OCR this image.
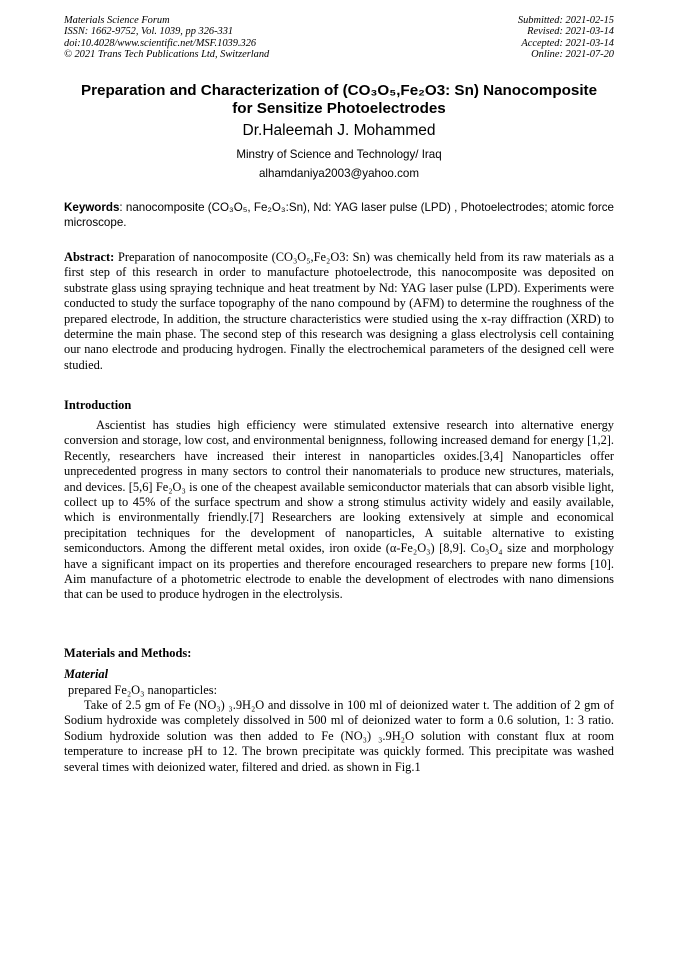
Materials Science Forum
ISSN: 1662-9752, Vol. 1039, pp 326-331
doi:10.4028/www.scientific.net/MSF.1039.326
© 2021 Trans Tech Publications Ltd, Switzerland
Submitted: 2021-02-15
Revised: 2021-03-14
Accepted: 2021-03-14
Online: 2021-07-20
Preparation and Characterization of (CO₃O₅,Fe₂O3: Sn) Nanocomposite
for Sensitize Photoelectrodes
Dr.Haleemah J. Mohammed
Minstry of Science and Technology/ Iraq
alhamdaniya2003@yahoo.com
Keywords: nanocomposite (CO₃O₅, Fe₂O₃:Sn), Nd: YAG laser pulse (LPD) , Photoelectrodes; atomic force microscope.
Abstract: Preparation of nanocomposite (CO₃O₅,Fe₂O3: Sn) was chemically held from its raw materials as a first step of this research in order to manufacture photoelectrode, this nanocomposite was deposited on substrate glass using spraying technique and heat treatment by Nd: YAG laser pulse (LPD). Experiments were conducted to study the surface topography of the nano compound by (AFM) to determine the roughness of the prepared electrode, In addition, the structure characteristics were studied using the x-ray diffraction (XRD) to determine the main phase. The second step of this research was designing a glass electrolysis cell containing our nano electrode and producing hydrogen. Finally the electrochemical parameters of the designed cell were studied.
Introduction
Ascientist has studies high efficiency were stimulated extensive research into alternative energy conversion and storage, low cost, and environmental benignness, following increased demand for energy [1,2]. Recently, researchers have increased their interest in nanoparticles oxides.[3,4] Nanoparticles offer unprecedented progress in many sectors to control their nanomaterials to produce new structures, materials, and devices. [5,6] Fe₂O₃ is one of the cheapest available semiconductor materials that can absorb visible light, collect up to 45% of the surface spectrum and show a strong stimulus activity widely and easily available, which is environmentally friendly.[7] Researchers are looking extensively at simple and economical precipitation techniques for the development of nanoparticles, A suitable alternative to existing semiconductors. Among the different metal oxides, iron oxide (α-Fe₂O₃) [8,9]. Co₃O₄ size and morphology have a significant impact on its properties and therefore encouraged researchers to prepare new forms [10]. Aim manufacture of a photometric electrode to enable the development of electrodes with nano dimensions that can be used to produce hydrogen in the electrolysis.
Materials and Methods:
Material
prepared Fe₂O₃ nanoparticles:
Take of 2.5 gm of Fe (NO₃) ₃.9H₂O and dissolve in 100 ml of deionized water t. The addition of 2 gm of Sodium hydroxide was completely dissolved in 500 ml of deionized water to form a 0.6 solution, 1: 3 ratio. Sodium hydroxide solution was then added to Fe (NO₃) ₃.9H₂O solution with constant flux at room temperature to increase pH to 12. The brown precipitate was quickly formed. This precipitate was washed several times with deionized water, filtered and dried. as shown in Fig.1
